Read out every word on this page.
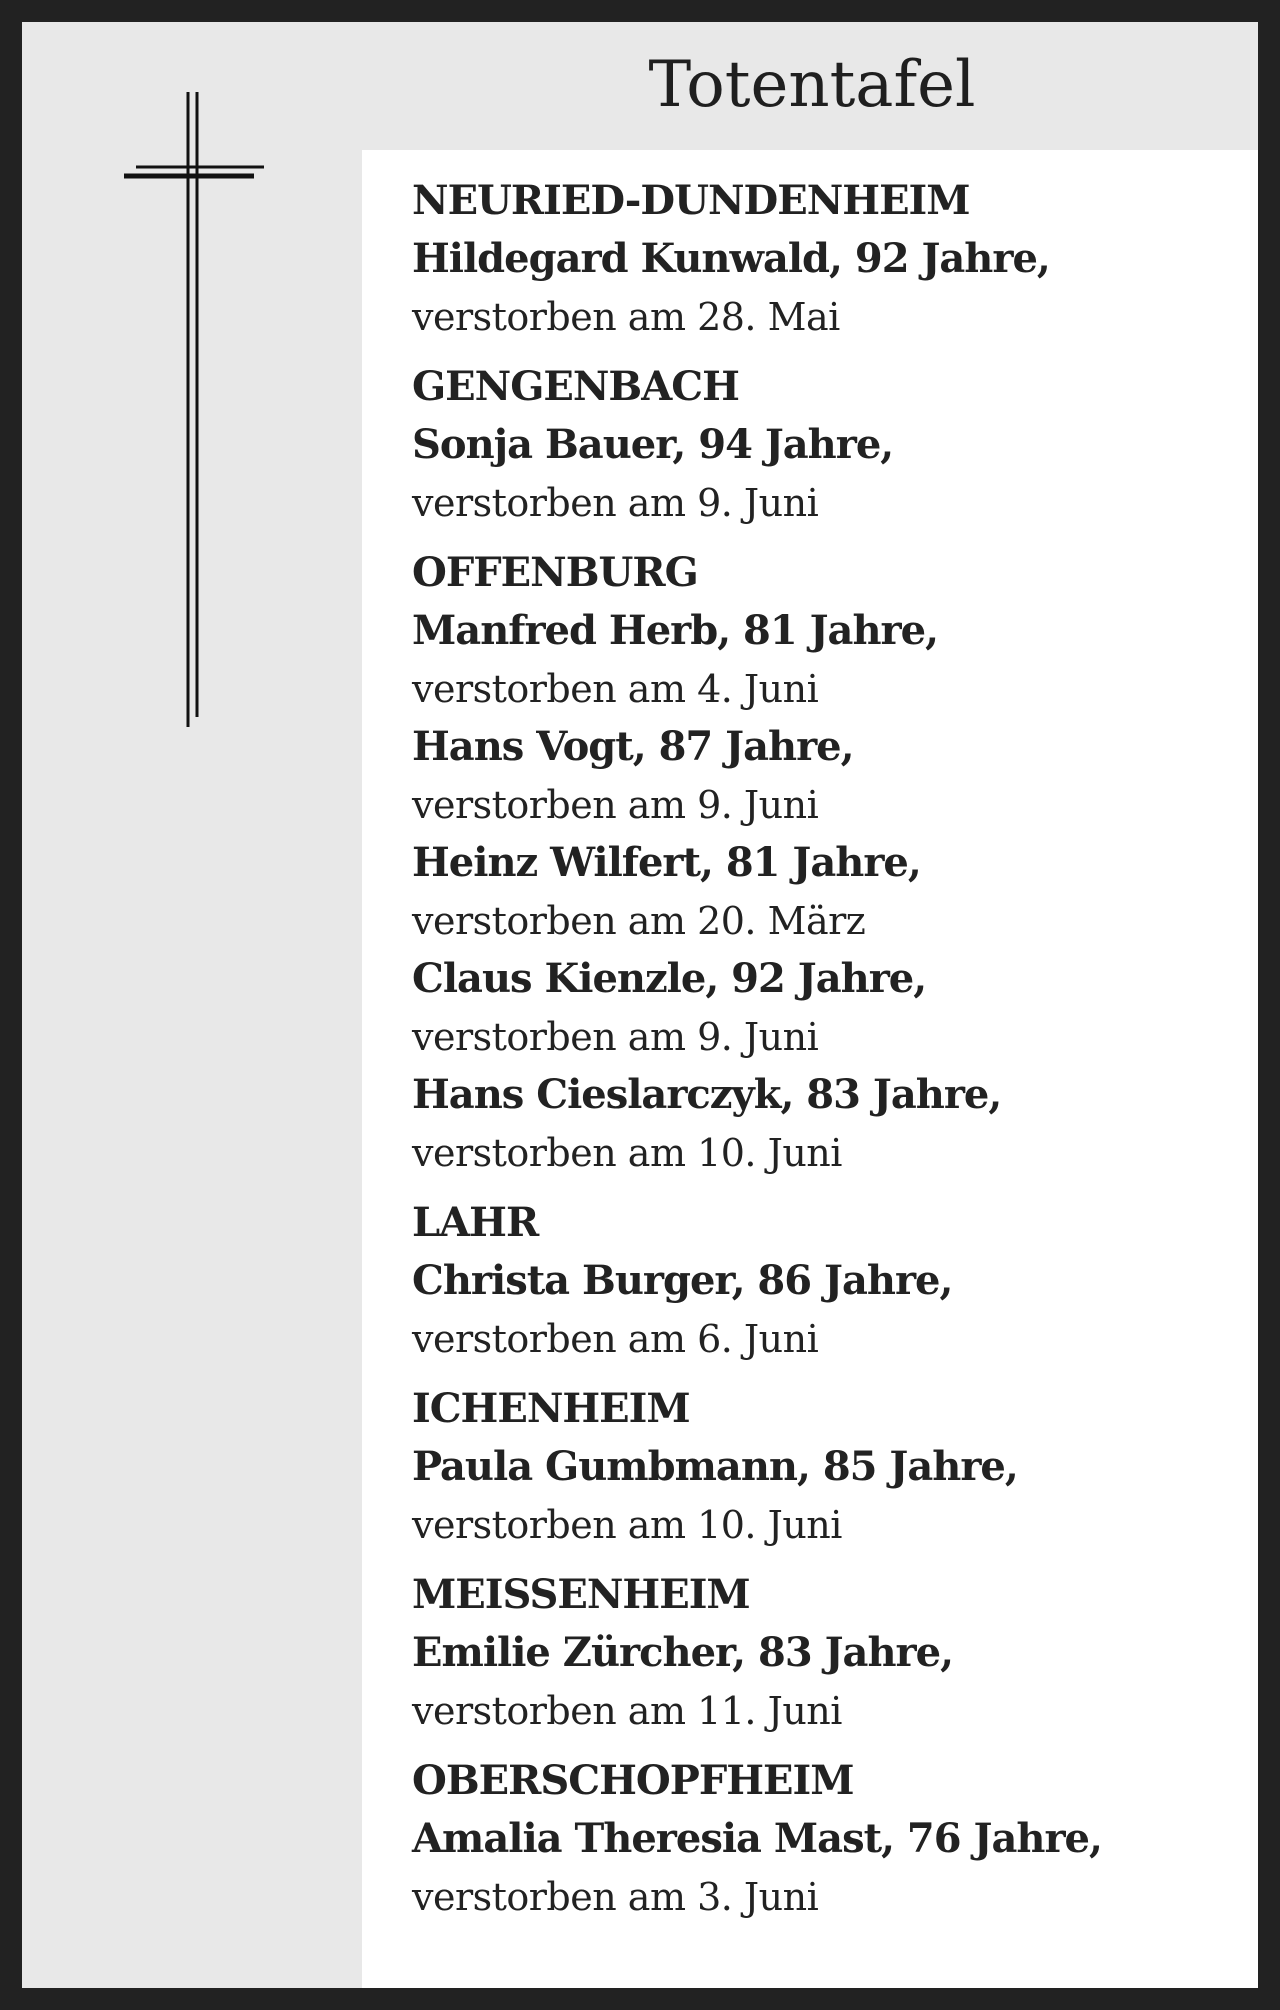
Totentafel
NEURIED-DUNDENHEIM
Hildegard Kunwald, 92 Jahre,
verstorben am 28. Mai
GENGENBACH
Sonja Bauer, 94 Jahre,
verstorben am 9. Juni
OFFENBURG
Manfred Herb, 81 Jahre,
verstorben am 4. Juni
Hans Vogt, 87 Jahre,
verstorben am 9. Juni
Heinz Wilfert, 81 Jahre,
verstorben am 20. März
Claus Kienzle, 92 Jahre,
verstorben am 9. Juni
Hans Cieslarczyk, 83 Jahre,
verstorben am 10. Juni
LAHR
Christa Burger, 86 Jahre,
verstorben am 6. Juni
ICHENHEIM
Paula Gumbmann, 85 Jahre,
verstorben am 10. Juni
MEISSENHEIM
Emilie Zürcher, 83 Jahre,
verstorben am 11. Juni
OBERSCHOPFHEIM
Amalia Theresia Mast, 76 Jahre,
verstorben am 3. Juni
